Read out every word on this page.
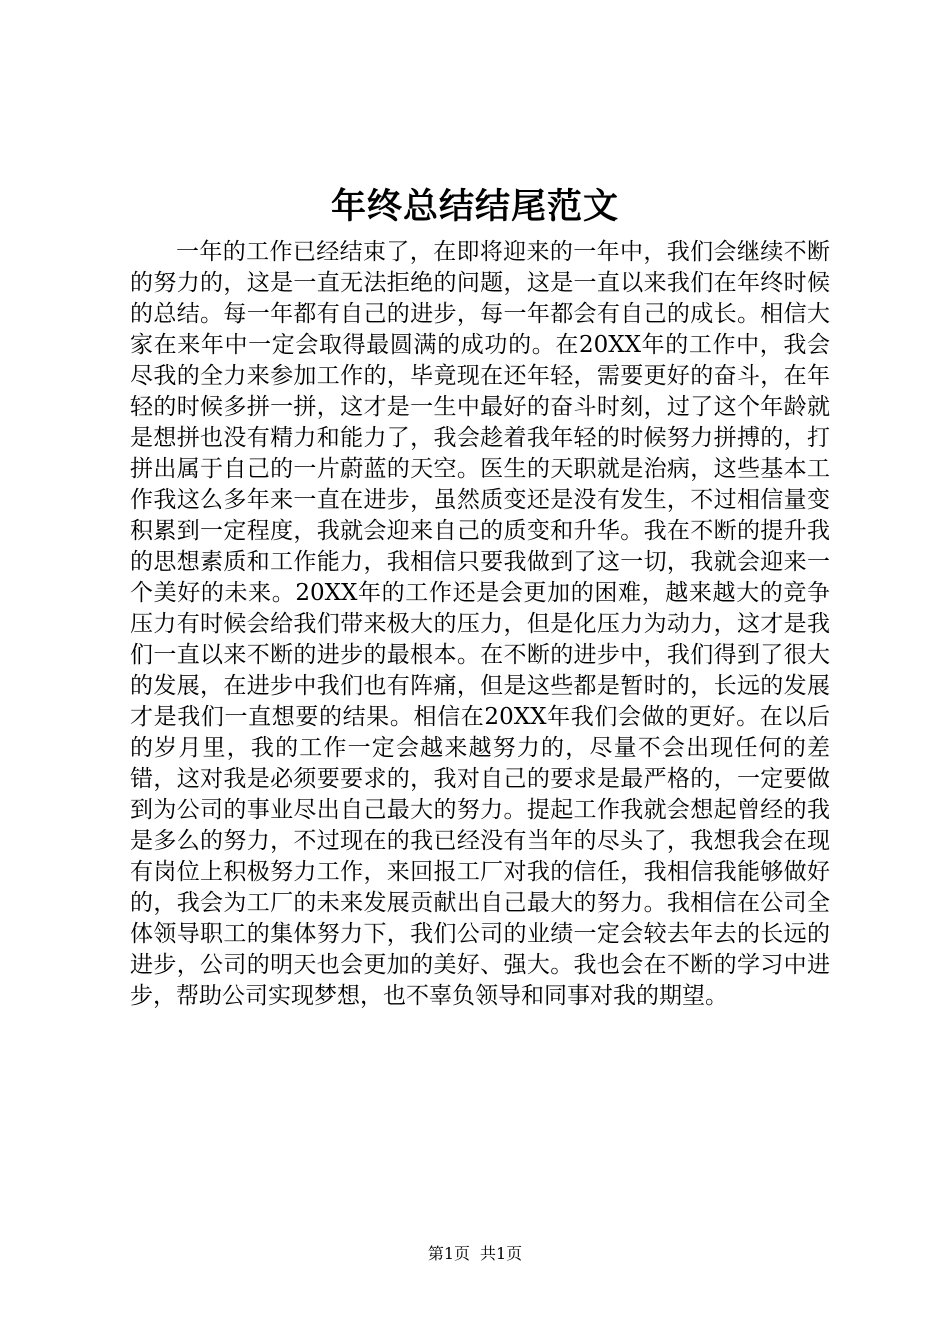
年终总结结尾范文

一年的工作已经结束了，在即将迎来的一年中，我们会继续不断的努力的，这是一直无法拒绝的问题，这是一直以来我们在年终时候的总结。每一年都有自己的进步，每一年都会有自己的成长。相信大家在来年中一定会取得最圆满的成功的。在20XX年的工作中，我会尽我的全力来参加工作的，毕竟现在还年轻，需要更好的奋斗，在年轻的时候多拼一拼，这才是一生中最好的奋斗时刻，过了这个年龄就是想拼也没有精力和能力了，我会趁着我年轻的时候努力拼搏的，打拼出属于自己的一片蔚蓝的天空。医生的天职就是治病，这些基本工作我这么多年来一直在进步，虽然质变还是没有发生，不过相信量变积累到一定程度，我就会迎来自己的质变和升华。我在不断的提升我的思想素质和工作能力，我相信只要我做到了这一切，我就会迎来一个美好的未来。20XX年的工作还是会更加的困难，越来越大的竞争压力有时候会给我们带来极大的压力，但是化压力为动力，这才是我们一直以来不断的进步的最根本。在不断的进步中，我们得到了很大的发展，在进步中我们也有阵痛，但是这些都是暂时的，长远的发展才是我们一直想要的结果。相信在20XX年我们会做的更好。在以后的岁月里，我的工作一定会越来越努力的，尽量不会出现任何的差错，这对我是必须要要求的，我对自己的要求是最严格的，一定要做到为公司的事业尽出自己最大的努力。提起工作我就会想起曾经的我是多么的努力，不过现在的我已经没有当年的尽头了，我想我会在现有岗位上积极努力工作，来回报工厂对我的信任，我相信我能够做好的，我会为工厂的未来发展贡献出自己最大的努力。我相信在公司全体领导职工的集体努力下，我们公司的业绩一定会较去年去的长远的进步，公司的明天也会更加的美好、强大。我也会在不断的学习中进步，帮助公司实现梦想，也不辜负领导和同事对我的期望。

第1页 共1页
